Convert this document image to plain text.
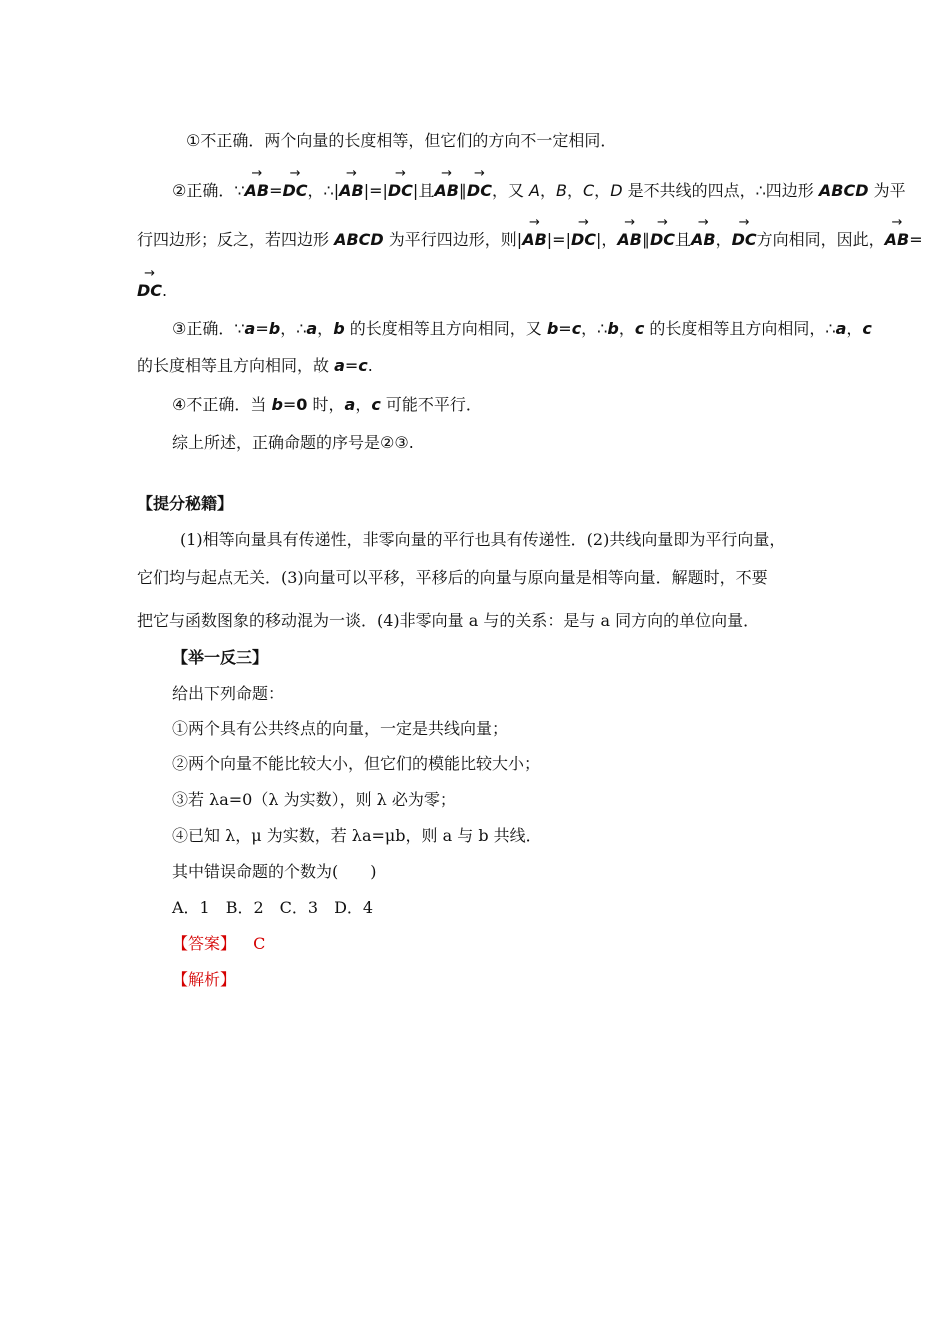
①不正确．两个向量的长度相等，但它们的方向不一定相同．
②正确．∵→ AB=→ DC，∴|→ AB|=|→ DC|且→ AB∥→ DC，又 A，B，C，D 是不共线的四点，∴四边形 ABCD 为平
行四边形；反之，若四边形 ABCD 为平行四边形，则|→ AB|=|→ DC|，→ AB∥→ DC且→ AB，→ DC方向相同，因此，→ AB=
→ DC.
③正确．∵a=b，∴a，b 的长度相等且方向相同，又 b=c，∴b，c 的长度相等且方向相同，∴a，c
的长度相等且方向相同，故 a=c.
④不正确．当 b=0 时，a，c 可能不平行．
综上所述，正确命题的序号是②③.
【提分秘籍】
(1)相等向量具有传递性，非零向量的平行也具有传递性．(2)共线向量即为平行向量，
它们均与起点无关．(3)向量可以平移，平移后的向量与原向量是相等向量．解题时，不要
把它与函数图象的移动混为一谈．(4)非零向量 a 与的关系：是与 a 同方向的单位向量．
【举一反三】
给出下列命题：
①两个具有公共终点的向量，一定是共线向量；
②两个向量不能比较大小，但它们的模能比较大小；
③若 λa=0（λ 为实数），则 λ 必为零；
④已知 λ，μ 为实数，若 λa=μb，则 a 与 b 共线．
其中错误命题的个数为(　　)
A．1　B．2　C．3　D．4
【答案】 C
【解析】
